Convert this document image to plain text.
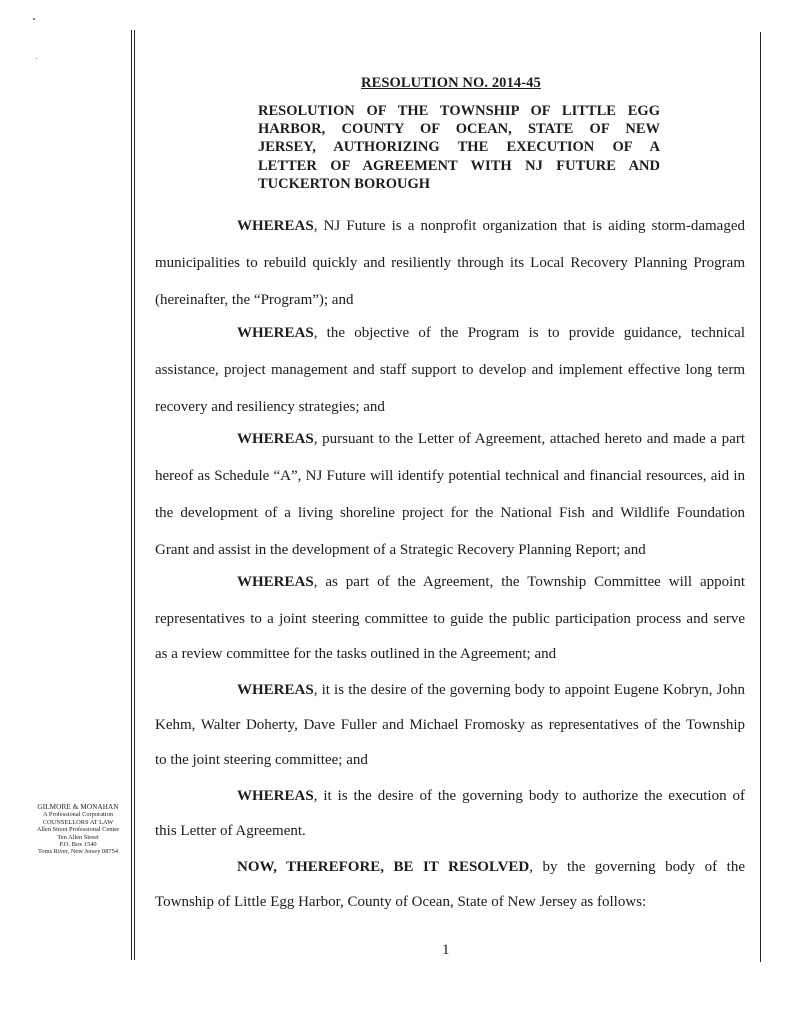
GILMORE & MONAHAN
A Professional Corporation
COUNSELLORS AT LAW
Allen Street Professional Center
Ten Allen Street
P.O. Box 1540
Toms River, New Jersey 08754
RESOLUTION NO. 2014-45
RESOLUTION OF THE TOWNSHIP OF LITTLE EGG
HARBOR, COUNTY OF OCEAN, STATE OF NEW
JERSEY, AUTHORIZING THE EXECUTION OF A
LETTER OF AGREEMENT WITH NJ FUTURE AND
TUCKERTON BOROUGH
WHEREAS, NJ Future is a nonprofit organization that is aiding storm-damaged
municipalities to rebuild quickly and resiliently through its Local Recovery Planning Program
(hereinafter, the “Program”); and
WHEREAS, the objective of the Program is to provide guidance, technical
assistance, project management and staff support to develop and implement effective long term
recovery and resiliency strategies; and
WHEREAS, pursuant to the Letter of Agreement, attached hereto and made a part
hereof as Schedule “A”, NJ Future will identify potential technical and financial resources, aid in
the development of a living shoreline project for the National Fish and Wildlife Foundation
Grant and assist in the development of a Strategic Recovery Planning Report; and
WHEREAS, as part of the Agreement, the Township Committee will appoint
representatives to a joint steering committee to guide the public participation process and serve
as a review committee for the tasks outlined in the Agreement; and
WHEREAS, it is the desire of the governing body to appoint Eugene Kobryn, John
Kehm, Walter Doherty, Dave Fuller and Michael Fromosky as representatives of the Township
to the joint steering committee; and
WHEREAS, it is the desire of the governing body to authorize the execution of
this Letter of Agreement.
NOW, THEREFORE, BE IT RESOLVED, by the governing body of the
Township of Little Egg Harbor, County of Ocean, State of New Jersey as follows:
1
